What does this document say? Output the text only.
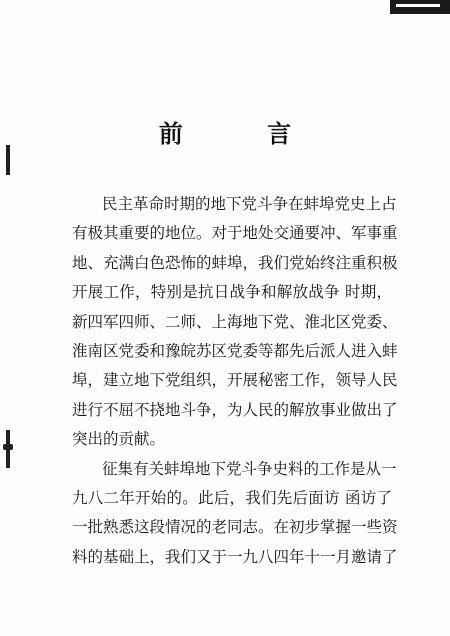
前 言
民主革命时期的地下党斗争在蚌埠党史上占
有极其重要的地位。对于地处交通要冲、军事重
地、充满白色恐怖的蚌埠，我们党始终注重积极
开展工作，特别是抗日战争和解放战争 时期，
新四军四师、二师、上海地下党、淮北区党委、
淮南区党委和豫皖苏区党委等都先后派人进入蚌
埠，建立地下党组织，开展秘密工作，领导人民
进行不屈不挠地斗争，为人民的解放事业做出了
突出的贡献。
征集有关蚌埠地下党斗争史料的工作是从一
九八二年开始的。此后，我们先后面访 函访了
一批熟悉这段情况的老同志。在初步掌握一些资
料的基础上，我们又于一九八四年十一月邀请了
